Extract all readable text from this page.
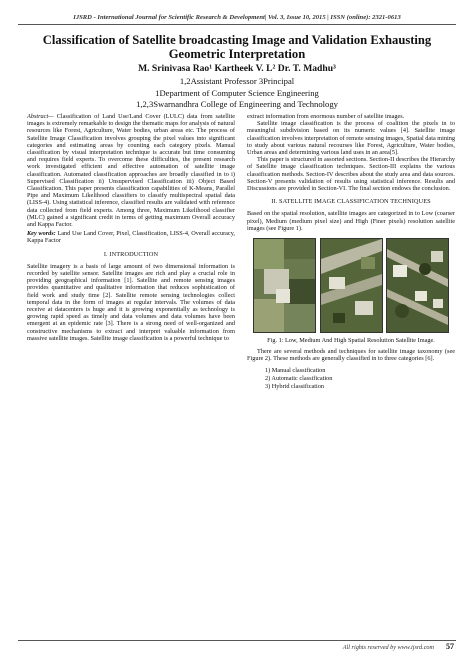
IJSRD - International Journal for Scientific Research & Development| Vol. 3, Issue 10, 2015 | ISSN (online): 2321-0613
Classification of Satellite broadcasting Image and Validation Exhausting Geometric Interpretation
M. Srinivasa Rao¹ Kartheek V. L² Dr. T. Madhu³
1,2Assistant Professor 3Principal
1Department of Computer Science Engineering
1,2,3Swarnandhra College of Engineering and Technology

Abstract— Classification of Land Use/Land Cover (LULC) data from satellite images is extremely remarkable to design the thematic maps for analysis of natural resources like Forest, Agriculture, Water bodies, urban areas etc. The process of Satellite Image Classification involves grouping the pixel values into significant categories and estimating areas by counting each category pixels. Manual classification by visual interpretation technique is accurate but time consuming and requires field experts. To overcome these difficulties, the present research work investigated efficient and effective automation of satellite image classification. Automated classification approaches are broadly classified in to i) Supervised Classification ii) Unsupervised Classification iii) Object Based Classification. This paper presents classification capabilities of K-Means, Parallel Pipe and Maximum Likelihood classifiers to classify multispectral spatial data (LISS-4). Using statistical inference, classified results are validated with reference data collected from field experts. Among three, Maximum Likelihood classifier (MLC) gained a significant credit in terms of getting maximum Overall accuracy and Kappa Factor.

Key words: Land Use Land Cover, Pixel, Classification, LISS-4, Overall accuracy, Kappa Factor

I. INTRODUCTION

Satellite imagery is a basis of large amount of two dimensional information is recorded by satellite sensor. Satellite images are rich and play a crucial role in providing geographical information [1]. Satellite and remote sensing images provides quantitative and qualitative information that reduces sophistication of field work and study time [2]. Satellite remote sensing technologies collect temporal data in the form of images at regular intervals. The volumes of data receive at datacenters is huge and it is growing exponentially as technology is growing rapid speed as timely and data volumes and data volumes have been emergent at an epidemic rate [3]. There is a strong need of well-organized and constructive mechanisms to extract and interpret valuable information from massive satellite images. Satellite image classification is a powerful technique to

extract information from enormous number of satellite images.

Satellite image classification is the process of coalition the pixels in to meaningful subdivision based on its numeric values [4]. Satellite image classification involves interpretation of remote sensing images, Spatial data mining to study about various natural recourses like Forest, Agriculture, Water bodies, Urban areas and determining various land uses in an area[5].

This paper is structured in assorted sections. Section-II describes the Hierarchy of Satellite image classification techniques. Section-III explains the various classification methods. Section-IV describes about the study area and data sources. Section-V presents validation of results using statistical inference. Results and Discussions are provided in Section-VI. The final section endows the conclusion.

II. SATELLITE IMAGE CLASSIFICATION TECHNIQUES

Based on the spatial resolution, satellite images are categorized in to Low (coarser pixel), Medium (medium pixel size) and High (Finer pixels) resolution satellite images (see Figure 1).

Fig. 1: Low, Medium And High Spatial Resolution Satellite Image.

There are several methods and techniques for satellite image taxonomy (see Figure 2). These methods are generally classified in to three categories [6].

1) Manual classification
2) Automatic classification
3) Hybrid classification
All rights reserved by www.ijsrd.com 57
